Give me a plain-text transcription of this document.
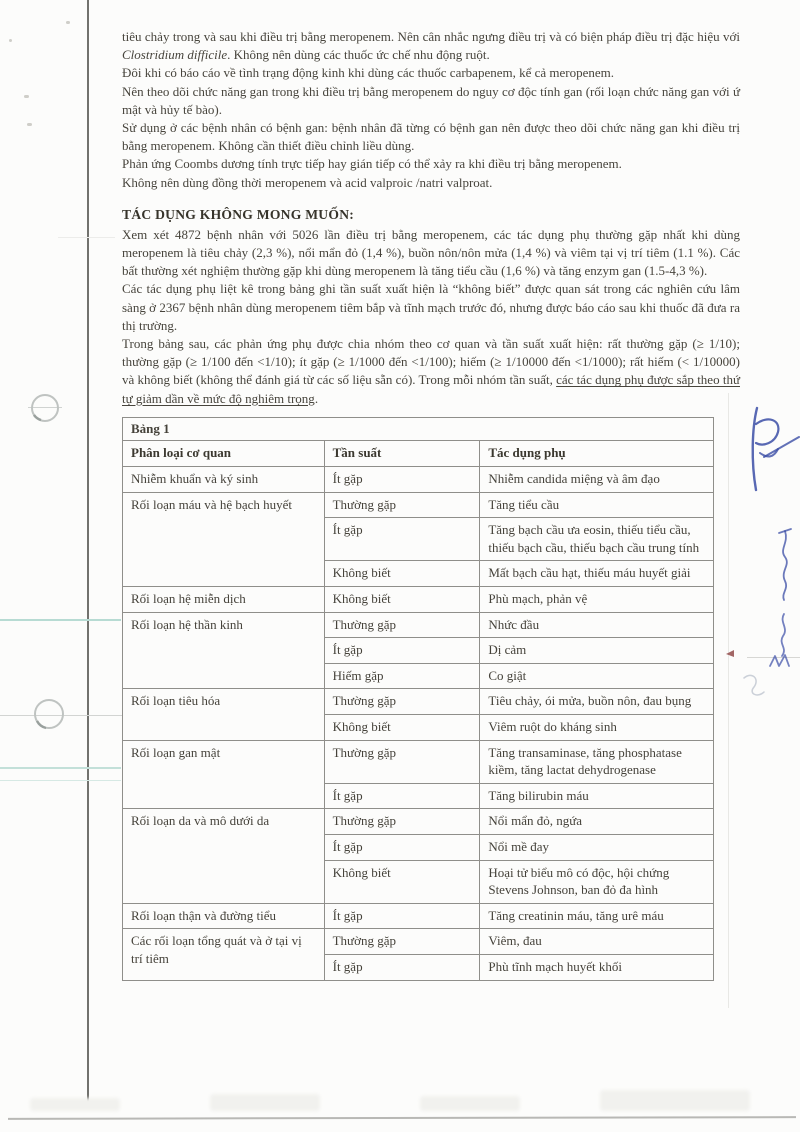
tiêu chảy trong và sau khi điều trị bằng meropenem. Nên cân nhắc ngưng điều trị và có biện pháp điều trị đặc hiệu với Clostridium difficile. Không nên dùng các thuốc ức chế nhu động ruột.

Đôi khi có báo cáo về tình trạng động kinh khi dùng các thuốc carbapenem, kể cả meropenem.

Nên theo dõi chức năng gan trong khi điều trị bằng meropenem do nguy cơ độc tính gan (rối loạn chức năng gan với ứ mật và hủy tế bào).

Sử dụng ở các bệnh nhân có bệnh gan: bệnh nhân đã từng có bệnh gan nên được theo dõi chức năng gan khi điều trị bằng meropenem. Không cần thiết điều chỉnh liều dùng.

Phản ứng Coombs dương tính trực tiếp hay gián tiếp có thể xảy ra khi điều trị bằng meropenem.

Không nên dùng đồng thời meropenem và acid valproic /natri valproat.

TÁC DỤNG KHÔNG MONG MUỐN:

Xem xét 4872 bệnh nhân với 5026 lần điều trị bằng meropenem, các tác dụng phụ thường gặp nhất khi dùng meropenem là tiêu chảy (2,3 %), nổi mẩn đỏ (1,4 %), buồn nôn/nôn mửa (1,4 %) và viêm tại vị trí tiêm (1.1 %). Các bất thường xét nghiệm thường gặp khi dùng meropenem là tăng tiểu cầu (1,6 %) và tăng enzym gan (1.5-4,3 %).

Các tác dụng phụ liệt kê trong bảng ghi tần suất xuất hiện là “không biết” được quan sát trong các nghiên cứu lâm sàng ở 2367 bệnh nhân dùng meropenem tiêm bắp và tĩnh mạch trước đó, nhưng được báo cáo sau khi thuốc đã đưa ra thị trường.

Trong bảng sau, các phản ứng phụ được chia nhóm theo cơ quan và tần suất xuất hiện: rất thường gặp (≥ 1/10); thường gặp (≥ 1/100 đến <1/10); ít gặp (≥ 1/1000 đến <1/100); hiếm (≥ 1/10000 đến <1/1000); rất hiếm (< 1/10000) và không biết (không thể đánh giá từ các số liệu sẵn có). Trong mỗi nhóm tần suất, các tác dụng phụ được sắp theo thứ tự giảm dần về mức độ nghiêm trọng.

Bảng 1		
Phân loại cơ quan	Tần suất	Tác dụng phụ
Nhiễm khuẩn và ký sinh	Ít gặp	Nhiễm candida miệng và âm đạo
Rối loạn máu và hệ bạch huyết	Thường gặp	Tăng tiểu cầu
	Ít gặp	Tăng bạch cầu ưa eosin, thiếu tiểu cầu, thiếu bạch cầu, thiếu bạch cầu trung tính
	Không biết	Mất bạch cầu hạt, thiếu máu huyết giải
Rối loạn hệ miễn dịch	Không biết	Phù mạch, phản vệ
Rối loạn hệ thần kinh	Thường gặp	Nhức đầu
	Ít gặp	Dị cảm
	Hiếm gặp	Co giật
Rối loạn tiêu hóa	Thường gặp	Tiêu chảy, ói mửa, buồn nôn, đau bụng
	Không biết	Viêm ruột do kháng sinh
Rối loạn gan mật	Thường gặp	Tăng transaminase, tăng phosphatase kiềm, tăng lactat dehydrogenase
	Ít gặp	Tăng bilirubin máu
Rối loạn da và mô dưới da	Thường gặp	Nổi mẩn đỏ, ngứa
	Ít gặp	Nổi mề đay
	Không biết	Hoại tử biểu mô có độc, hội chứng Stevens Johnson, ban đỏ đa hình
Rối loạn thận và đường tiểu	Ít gặp	Tăng creatinin máu, tăng urê máu
Các rối loạn tổng quát và ở tại vị trí tiêm	Thường gặp	Viêm, đau
	Ít gặp	Phù tĩnh mạch huyết khối
